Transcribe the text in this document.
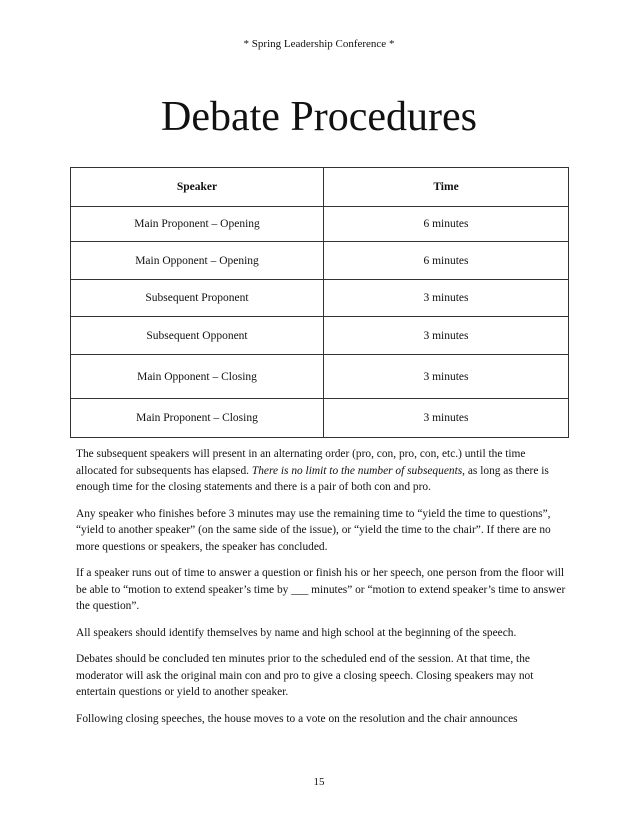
* Spring Leadership Conference *
Debate Procedures
Speaker	Time
Main Proponent – Opening	6 minutes
Main Opponent – Opening	6 minutes
Subsequent Proponent	3 minutes
Subsequent Opponent	3 minutes
Main Opponent – Closing	3 minutes
Main Proponent – Closing	3 minutes

The subsequent speakers will present in an alternating order (pro, con, pro, con, etc.) until the time allocated for subsequents has elapsed. There is no limit to the number of subsequents, as long as there is enough time for the closing statements and there is a pair of both con and pro.

Any speaker who finishes before 3 minutes may use the remaining time to “yield the time to questions”, “yield to another speaker” (on the same side of the issue), or “yield the time to the chair”. If there are no more questions or speakers, the speaker has concluded.

If a speaker runs out of time to answer a question or finish his or her speech, one person from the floor will be able to “motion to extend speaker’s time by ___ minutes” or “motion to extend speaker’s time to answer the question”.

All speakers should identify themselves by name and high school at the beginning of the speech.

Debates should be concluded ten minutes prior to the scheduled end of the session. At that time, the moderator will ask the original main con and pro to give a closing speech. Closing speakers may not entertain questions or yield to another speaker.

Following closing speeches, the house moves to a vote on the resolution and the chair announces

15
